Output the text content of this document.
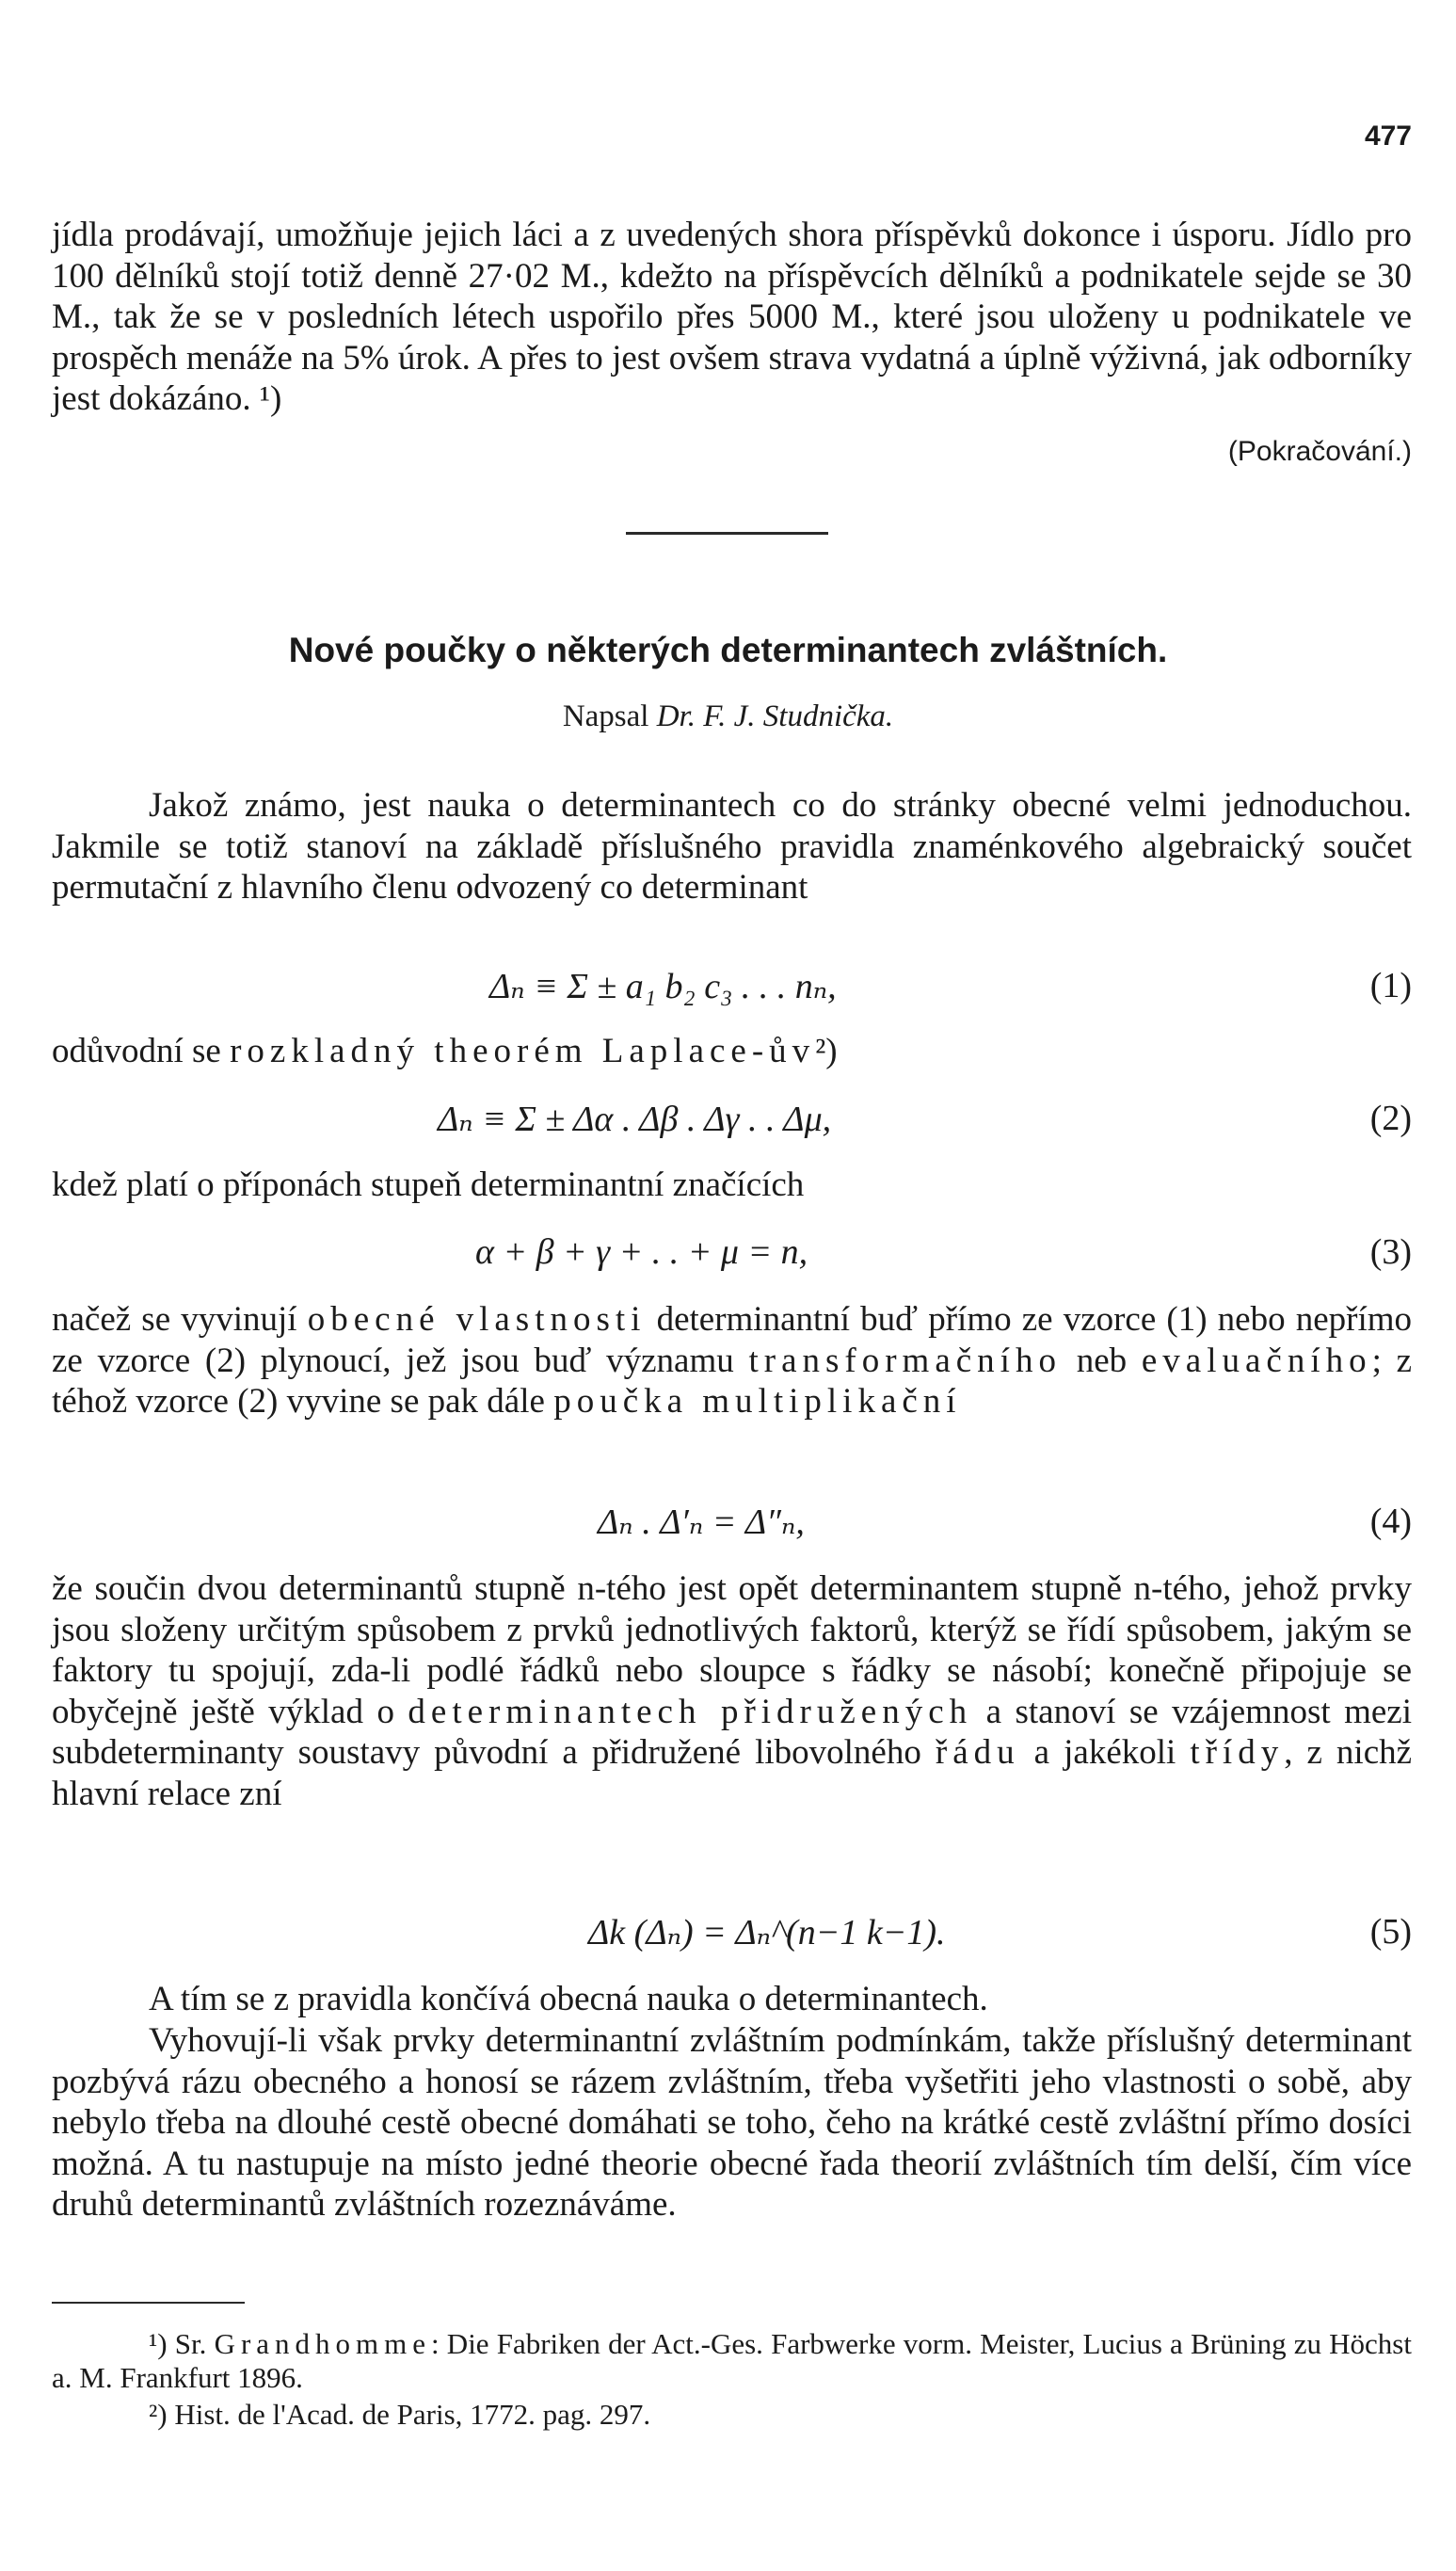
477

jídla prodávají, umožňuje jejich láci a z uvedených shora příspěvků dokonce i úsporu. Jídlo pro 100 dělníků stojí totiž denně 27·02 M., kdežto na příspěvcích dělníků a podnikatele sejde se 30 M., tak že se v posledních létech uspořilo přes 5000 M., které jsou uloženy u podnikatele ve prospěch menáže na 5% úrok. A přes to jest ovšem strava vydatná a úplně výživná, jak odborníky jest dokázáno. ¹)

(Pokračování.)
Nové poučky o některých determinantech zvláštních.
Napsal Dr. F. J. Studnička.

Jakož známo, jest nauka o determinantech co do stránky obecné velmi jednoduchou. Jakmile se totiž stanoví na základě příslušného pravidla znaménkového algebraický součet permutační z hlavního členu odvozený co determinant

Δₙ ≡ Σ ± a₁ b₂ c₃ . . . nₙ,	(1)

odůvodní se rozkladný theorém Laplace-ův²)

Δₙ ≡ Σ ± Δα . Δβ . Δγ . . Δμ,	(2)

kdež platí o příponách stupeň determinantní značících

α + β + γ + . . + μ = n,	(3)

načež se vyvinují obecné vlastnosti determinantní buď přímo ze vzorce (1) nebo nepřímo ze vzorce (2) plynoucí, jež jsou buď významu transformačního neb evaluačního; z téhož vzorce (2) vyvine se pak dále poučka multiplikační

Δₙ . Δ′ₙ = Δ″ₙ,	(4)

že součin dvou determinantů stupně n-tého jest opět determinantem stupně n-tého, jehož prvky jsou složeny určitým spůsobem z prvků jednotlivých faktorů, kterýž se řídí spůsobem, jakým se faktory tu spojují, zda-li podlé řádků nebo sloupce s řádky se násobí; konečně připojuje se obyčejně ještě výklad o determinantech přidružených a stanoví se vzájemnost mezi subdeterminanty soustavy původní a přidružené libovolného řádu a jakékoli třídy, z nichž hlavní relace zní

Δk (Δₙ) = Δₙ^(n−1 k−1).	(5)

A tím se z pravidla končívá obecná nauka o determinantech.

Vyhovují-li však prvky determinantní zvláštním podmínkám, takže příslušný determinant pozbývá rázu obecného a honosí se rázem zvláštním, třeba vyšetřiti jeho vlastnosti o sobě, aby nebylo třeba na dlouhé cestě obecné domáhati se toho, čeho na krátké cestě zvláštní přímo dosíci možná. A tu nastupuje na místo jedné theorie obecné řada theorií zvláštních tím delší, čím více druhů determinantů zvláštních rozeznáváme.

¹) Sr. Grandhomme: Die Fabriken der Act.-Ges. Farbwerke vorm. Meister, Lucius a Brüning zu Höchst a. M. Frankfurt 1896.

²) Hist. de l'Acad. de Paris, 1772. pag. 297.
